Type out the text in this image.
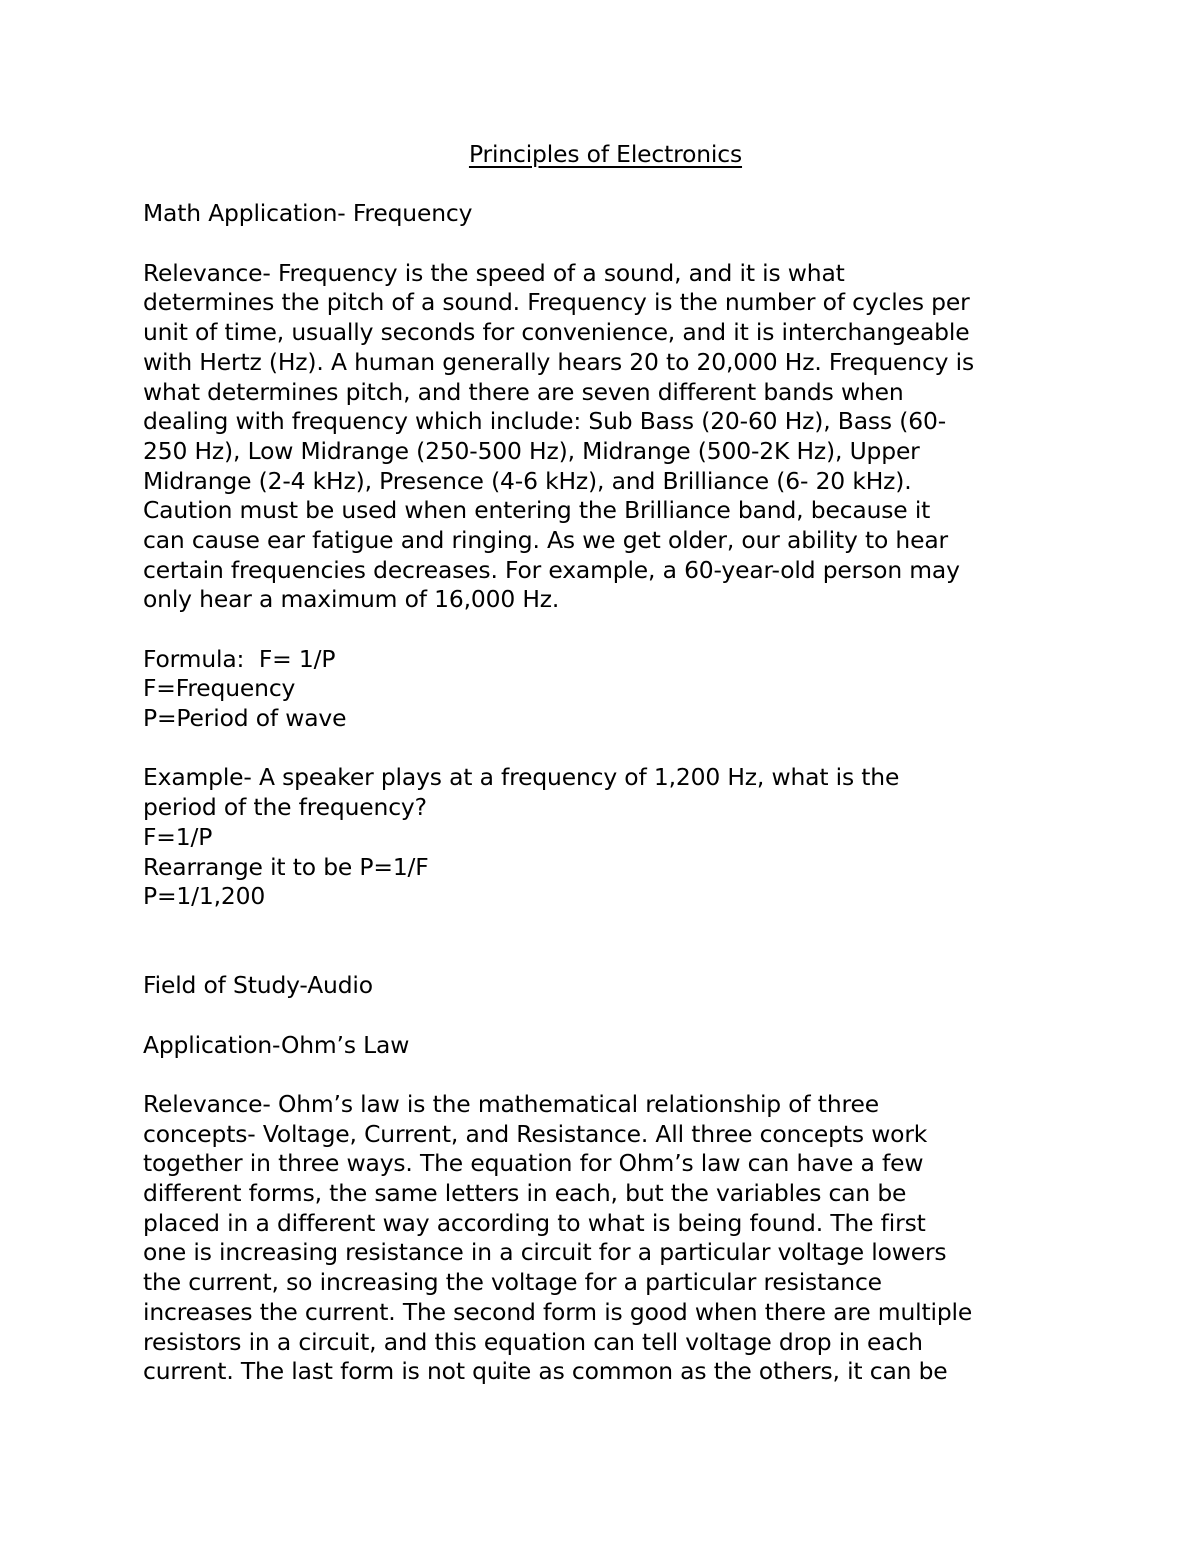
Principles of Electronics
Math Application- Frequency
Relevance- Frequency is the speed of a sound, and it is what
determines the pitch of a sound. Frequency is the number of cycles per
unit of time, usually seconds for convenience, and it is interchangeable
with Hertz (Hz). A human generally hears 20 to 20,000 Hz. Frequency is
what determines pitch, and there are seven different bands when
dealing with frequency which include: Sub Bass (20-60 Hz), Bass (60-
250 Hz), Low Midrange (250-500 Hz), Midrange (500-2K Hz), Upper
Midrange (2-4 kHz), Presence (4-6 kHz), and Brilliance (6- 20 kHz).
Caution must be used when entering the Brilliance band, because it
can cause ear fatigue and ringing. As we get older, our ability to hear
certain frequencies decreases. For example, a 60-year-old person may
only hear a maximum of 16,000 Hz.
Formula:  F= 1/P
F=Frequency
P=Period of wave
Example- A speaker plays at a frequency of 1,200 Hz, what is the
period of the frequency?
F=1/P
Rearrange it to be P=1/F
P=1/1,200
Field of Study-Audio
Application-Ohm’s Law
Relevance- Ohm’s law is the mathematical relationship of three
concepts- Voltage, Current, and Resistance. All three concepts work
together in three ways. The equation for Ohm’s law can have a few
different forms, the same letters in each, but the variables can be
placed in a different way according to what is being found. The first
one is increasing resistance in a circuit for a particular voltage lowers
the current, so increasing the voltage for a particular resistance
increases the current. The second form is good when there are multiple
resistors in a circuit, and this equation can tell voltage drop in each
current. The last form is not quite as common as the others, it can be
